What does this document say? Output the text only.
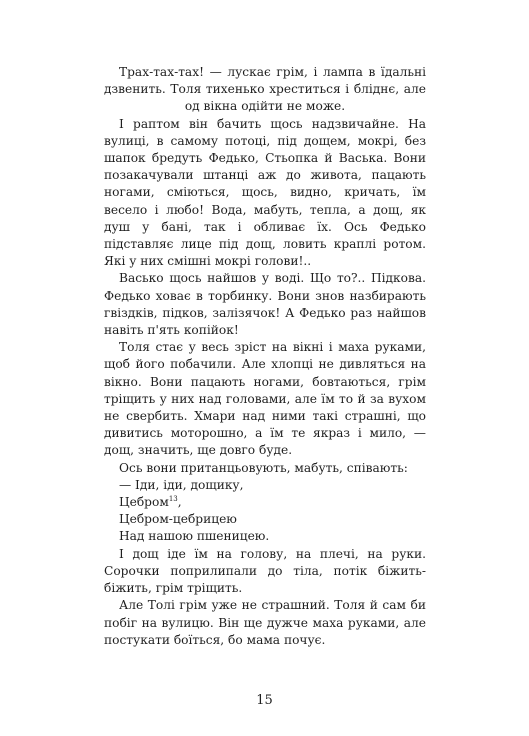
Трах-тах-тах! — лускає грім, і лампа в їдальні дзвенить. Толя тихенько хреститься і бліднє, але од вікна одійти не може.

І раптом він бачить щось надзвичайне. На вулиці, в самому потоці, під дощем, мокрі, без шапок бредуть Федько, Стьопка й Васька. Вони позакачували штанці аж до живота, пацають ногами, сміються, щось, видно, кричать, їм весело і любо! Вода, мабуть, тепла, а дощ, як душ у бані, так і обливає їх. Ось Федько підставляє лице під дощ, ловить краплі ротом. Які у них смішні мокрі голови!..

Васько щось найшов у воді. Що то?.. Підкова. Федько ховає в торбинку. Вони знов назбирають гвіздків, підков, залізячок! А Федько раз найшов навіть п'ять копійок!

Толя стає у весь зріст на вікні і маха руками, щоб його побачили. Але хлопці не дивляться на вікно. Вони пацають ногами, бовтаються, грім тріщить у них над головами, але їм то й за вухом не свербить. Хмари над ними такі страшні, що дивитись моторошно, а їм те якраз і мило, — дощ, значить, ще довго буде.

Ось вони пританцьовують, мабуть, співають:

— Іди, іди, дощику,

Цебром$^{13}$,

Цебром-цебрицею

Над нашою пшеницею.

І дощ іде їм на голову, на плечі, на руки. Сорочки поприлипали до тіла, потік біжить-біжить, грім тріщить.

Але Толі грім уже не страшний. Толя й сам би побіг на вулицю. Він ще дужче маха руками, але постукати боїться, бо мама почує.

15
